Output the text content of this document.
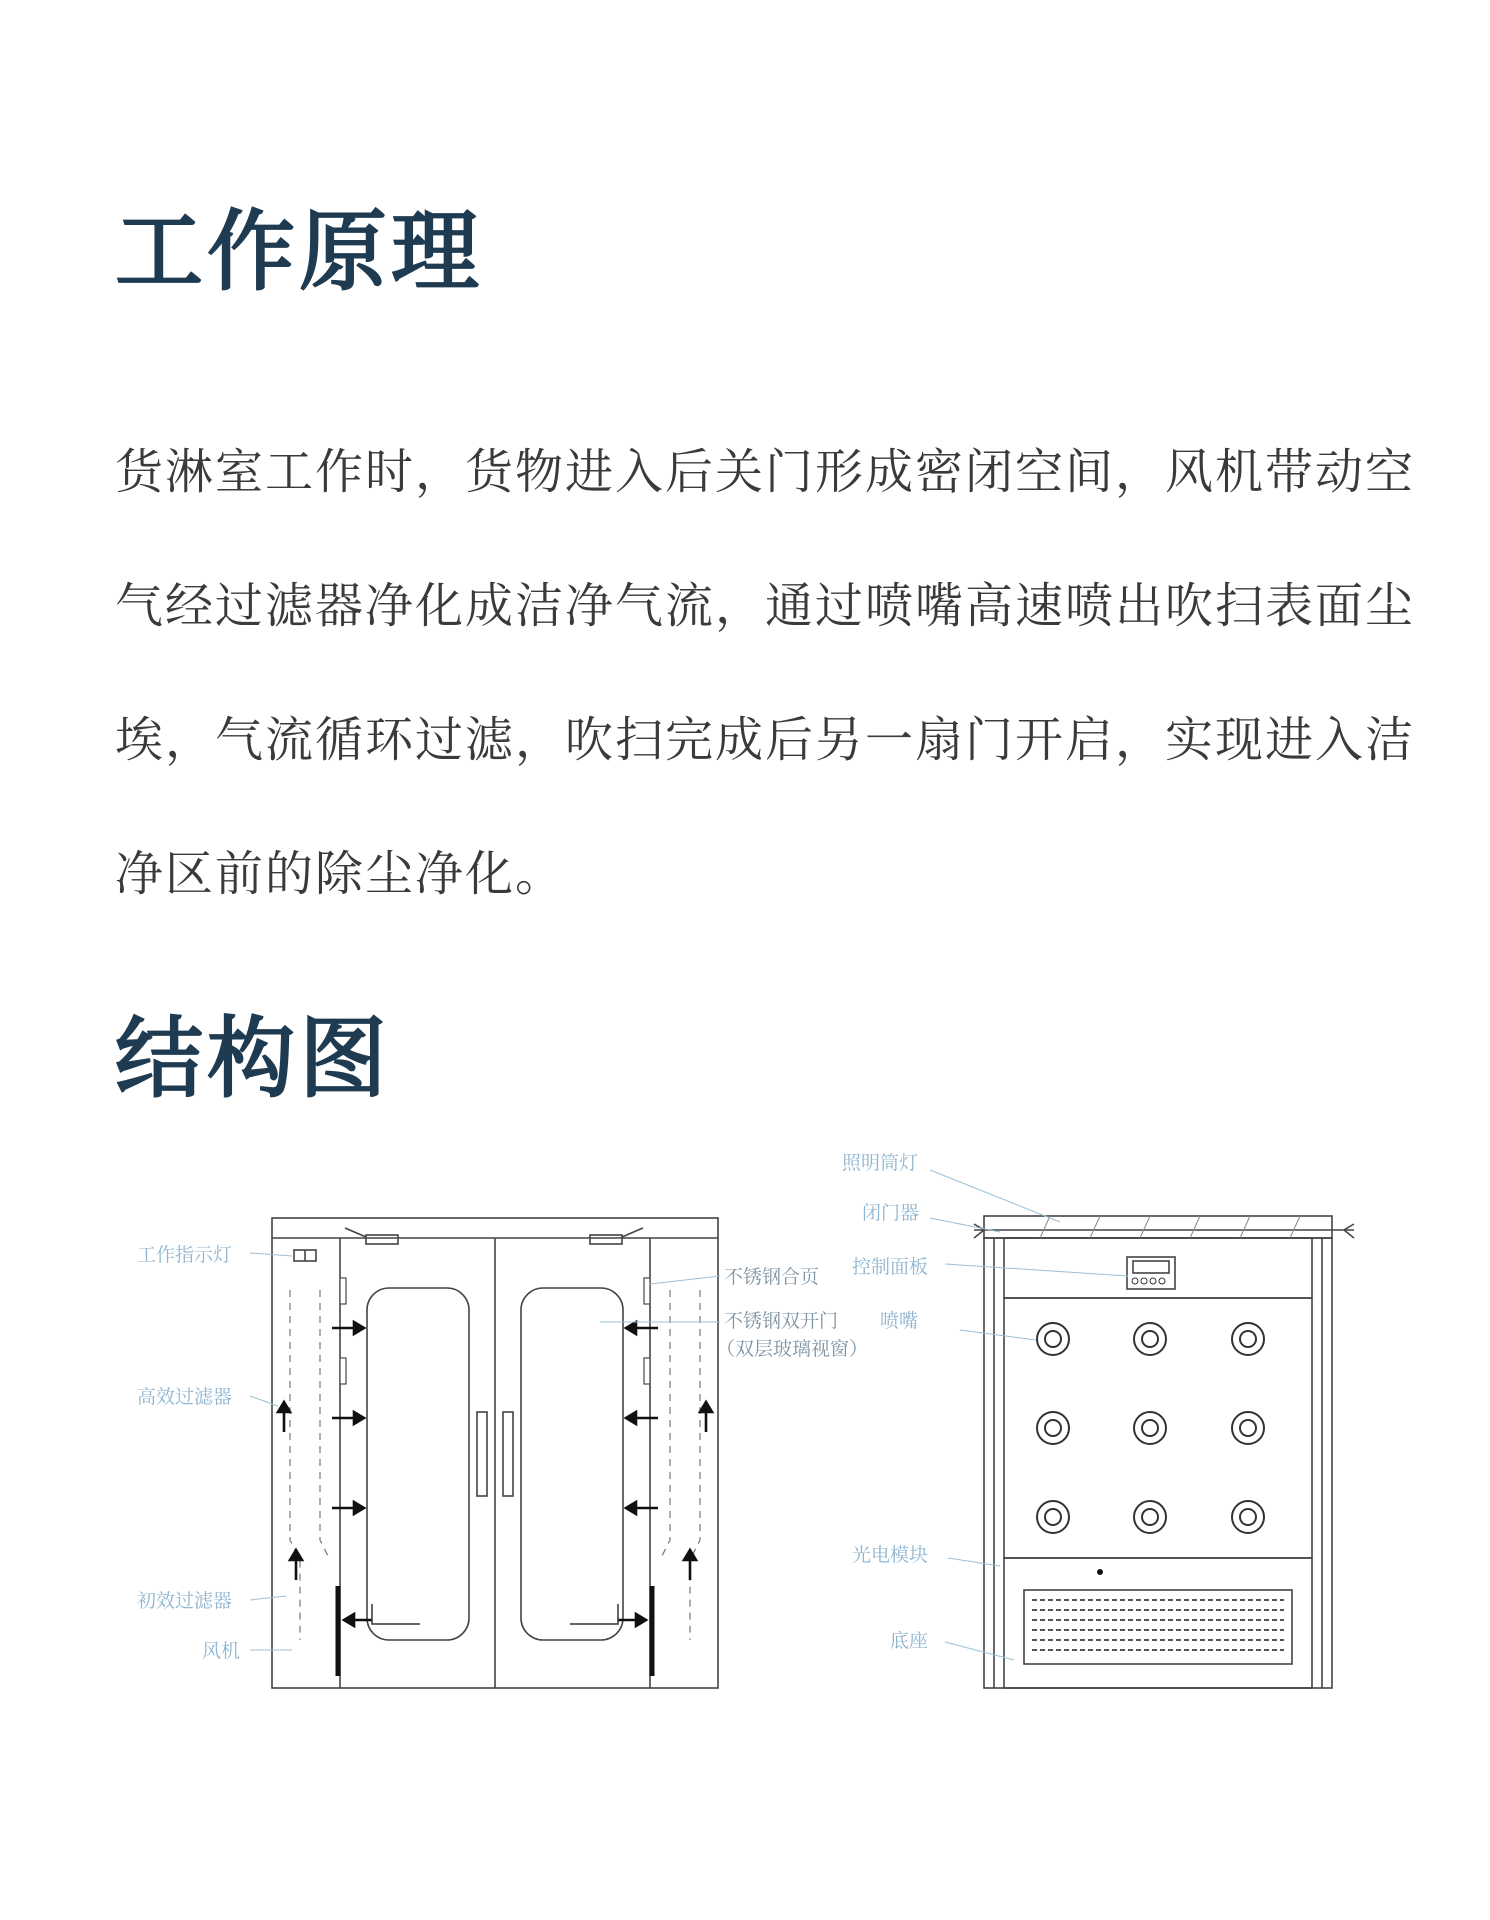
工作原理

货淋室工作时，货物进入后关门形成密闭空间，风机带动空

气经过滤器净化成洁净气流，通过喷嘴高速喷出吹扫表面尘

埃，气流循环过滤，吹扫完成后另一扇门开启，实现进入洁

净区前的除尘净化。

结构图
工作指示灯
高效过滤器
初效过滤器
风机
不锈钢合页
不锈钢双开门
（双层玻璃视窗）
照明筒灯
闭门器
控制面板
喷嘴
光电模块
底座
